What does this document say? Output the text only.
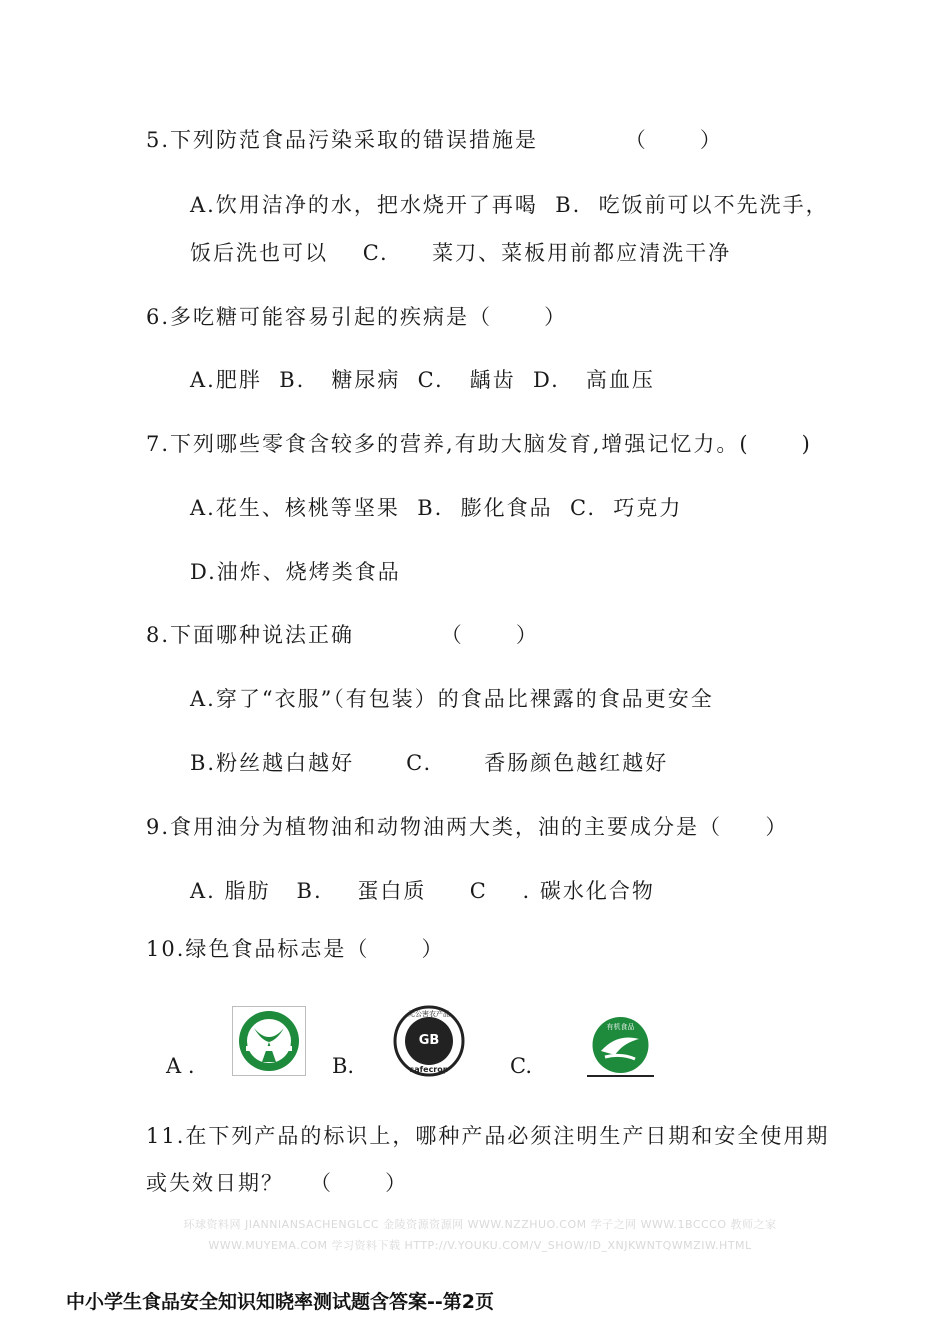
5.下列防范食品污染采取的错误措施是          （      ）
A.饮用洁净的水，把水烧开了再喝  B.  吃饭前可以不先洗手，
饭后洗也可以    C.     菜刀、菜板用前都应清洗干净
6.多吃糖可能容易引起的疾病是（      ）
A.肥胖  B.   糖尿病  C.   龋齿  D.   高血压
7.下列哪些零食含较多的营养,有助大脑发育,增强记忆力。(      )
A.花生、核桃等坚果  B.  膨化食品  C.  巧克力
D.油炸、烧烤类食品
8.下面哪种说法正确          （      ）
A.穿了“衣服”（有包装）的食品比裸露的食品更安全
B.粉丝越白越好      C.      香肠颜色越红越好
9.食用油分为植物油和动物油两大类，油的主要成分是（     ）
A. 脂肪   B.    蛋白质     C    . 碳水化合物
10.绿色食品标志是（      ）
A .	B.
无公害农产品
GB
safecrop	C.
有机食品
11.在下列产品的标识上，哪种产品必须注明生产日期和安全使用期
或失效日期？   （      ）
环球资料网 JIANNIANSACHENGLCC 金陵资源资源网 WWW.NZZHUO.COM 学子之网 WWW.1BCCCO 教师之家
WWW.MUYEMA.COM 学习资料下载 HTTP://V.YOUKU.COM/V_SHOW/ID_XNJKWNTQWMZIW.HTML
中小学生食品安全知识知晓率测试题含答案--第2页
